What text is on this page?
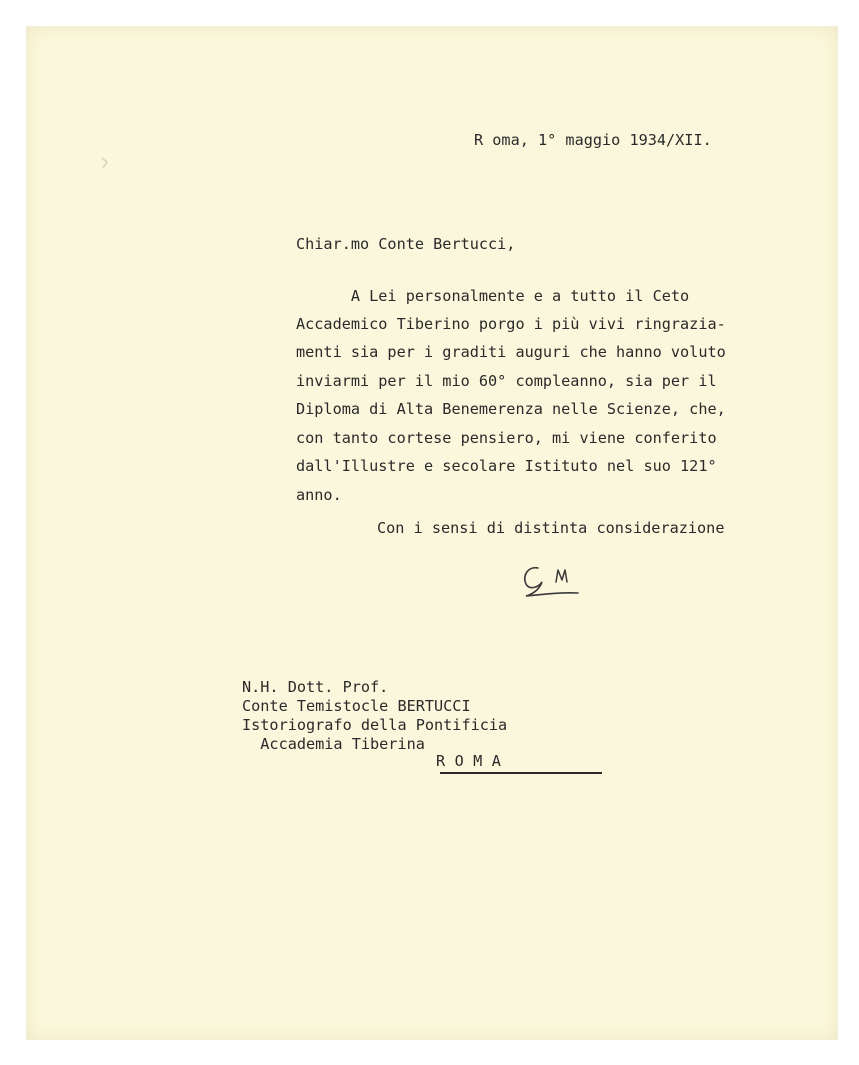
R oma, 1° maggio 1934/XII.
Chiar.mo Conte Bertucci,
A Lei personalmente e a tutto il Ceto
Accademico Tiberino porgo i più vivi ringrazia-
menti sia per i graditi auguri che hanno voluto
inviarmi per il mio 60° compleanno, sia per il
Diploma di Alta Benemerenza nelle Scienze, che,
con tanto cortese pensiero, mi viene conferito
dall'Illustre e secolare Istituto nel suo 121°
anno.
Con i sensi di distinta considerazione
N.H. Dott. Prof.
Conte Temistocle BERTUCCI
Istoriografo della Pontificia
Accademia Tiberina
ROMA
